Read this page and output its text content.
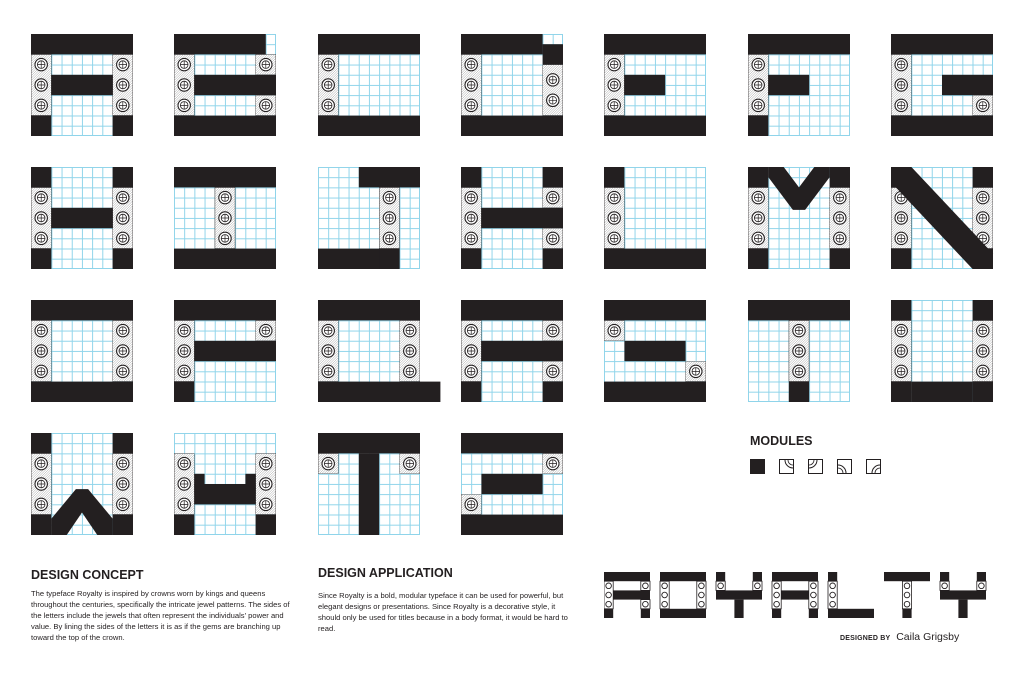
MODULES
DESIGN CONCEPT

The typeface Royalty is inspired by crowns worn by kings and queens throughout the centuries, specifically the intricate jewel patterns. The sides of the letters include the jewels that often represent the individuals' power and value. By lining the sides of the letters it is as if the gems are branching up toward the top of the crown.

DESIGN APPLICATION

Since Royalty is a bold, modular typeface it can be used for powerful, but elegant designs or presentations. Since Royalty is a decorative style, it should only be used for titles because in a body format, it would be hard to read.

DESIGNED BY Caila Grigsby
